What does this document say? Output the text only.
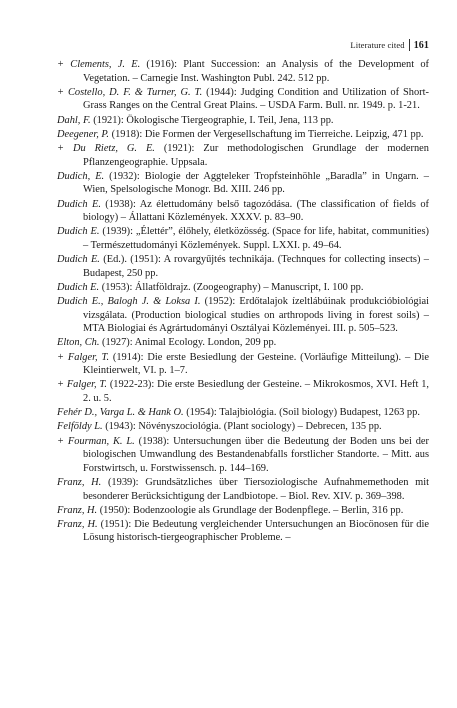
Literature cited 161

+ Clements, J. E. (1916): Plant Succession: an Analysis of the Development of Vegetation. – Carnegie Inst. Washington Publ. 242. 512 pp.

+ Costello, D. F. & Turner, G. T. (1944): Judging Condition and Utilization of Short-Grass Ranges on the Central Great Plains. – USDA Farm. Bull. nr. 1949. p. 1-21.

Dahl, F. (1921): Ökologische Tiergeographie, I. Teil, Jena, 113 pp.

Deegener, P. (1918): Die Formen der Vergesellschaftung im Tierreiche. Leipzig, 471 pp.

+ Du Rietz, G. E. (1921): Zur methodologischen Grundlage der modernen Pflanzengeographie. Uppsala.

Dudich, E. (1932): Biologie der Aggteleker Tropfsteinhöhle „Baradla” in Ungarn. – Wien, Spelsologische Monogr. Bd. XIII. 246 pp.

Dudich E. (1938): Az élettudomány belső tagozódása. (The classification of fields of biology) – Állattani Közlemények. XXXV. p. 83–90.

Dudich E. (1939): „Élettér”, élőhely, életközösség. (Space for life, habitat, communities) – Természettudományi Közlemények. Suppl. LXXI. p. 49–64.

Dudich E. (Ed.). (1951): A rovargyűjtés technikája. (Technques for collecting insects) – Budapest, 250 pp.

Dudich E. (1953): Állatföldrajz. (Zoogeography) – Manuscript, I. 100 pp.

Dudich E., Balogh J. & Loksa I. (1952): Erdőtalajok ízeltlábúinak produkcióbiológiai vizsgálata. (Production biological studies on arthropods living in forest soils) – MTA Biologiai és Agrártudományi Osztályai Közleményei. III. p. 505–523.

Elton, Ch. (1927): Animal Ecology. London, 209 pp.

+ Falger, T. (1914): Die erste Besiedlung der Gesteine. (Vorläufige Mitteilung). – Die Kleintierwelt, VI. p. 1–7.

+ Falger, T. (1922-23): Die erste Besiedlung der Gesteine. – Mikrokosmos, XVI. Heft 1, 2. u. 5.

Fehér D., Varga L. & Hank O. (1954): Talajbiológia. (Soil biology) Budapest, 1263 pp.

Felföldy L. (1943): Növényszociológia. (Plant sociology) – Debrecen, 135 pp.

+ Fourman, K. L. (1938): Untersuchungen über die Bedeutung der Boden uns bei der biologischen Umwandlung des Bestandenabfalls forstlicher Standorte. – Mitt. aus Forstwirtsch, u. Forstwissensch. p. 144–169.

Franz, H. (1939): Grundsätzliches über Tiersoziologische Aufnahmemethoden mit besonderer Berücksichtigung der Landbiotope. – Biol. Rev. XIV. p. 369–398.

Franz, H. (1950): Bodenzoologie als Grundlage der Bodenpflege. – Berlin, 316 pp.

Franz, H. (1951): Die Bedeutung vergleichender Untersuchungen an Biocönosen für die Lösung historisch-tiergeographischer Probleme. –
